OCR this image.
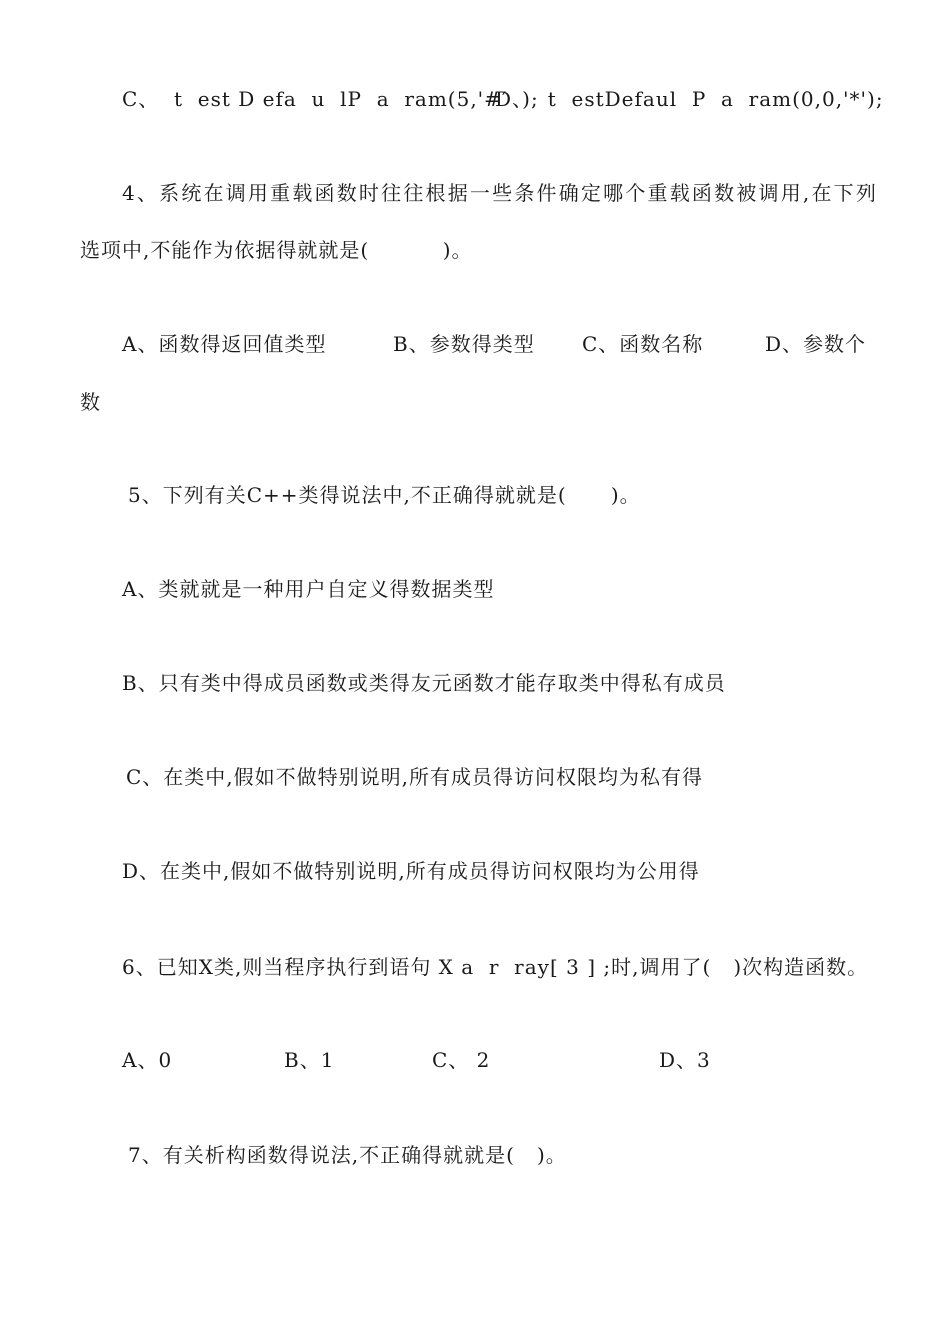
C、  t  est D efa  u  lP  a  ram(5,'#′  );
D、  t  estDefaul  P  a  ram(0,0,'*');
4、系统在调用重载函数时往往根据一些条件确定哪个重载函数被调用,在下列
选项中,不能作为依据得就就是(          )。
A、函数得返回值类型	B、参数得类型 C、函数名称	D、参数个
数
5、下列有关C++类得说法中,不正确得就就是(      )。
A、类就就是一种用户自定义得数据类型
B、只有类中得成员函数或类得友元函数才能存取类中得私有成员
C、在类中,假如不做特别说明,所有成员得访问权限均为私有得
D、在类中,假如不做特别说明,所有成员得访问权限均为公用得
6、已知X类,则当程序执行到语句 X a  r  ray[ 3 ] ;时,调用了(   )次构造函数。
A、0	B、1	C、 2	D、3
7、有关析构函数得说法,不正确得就就是(   )。
